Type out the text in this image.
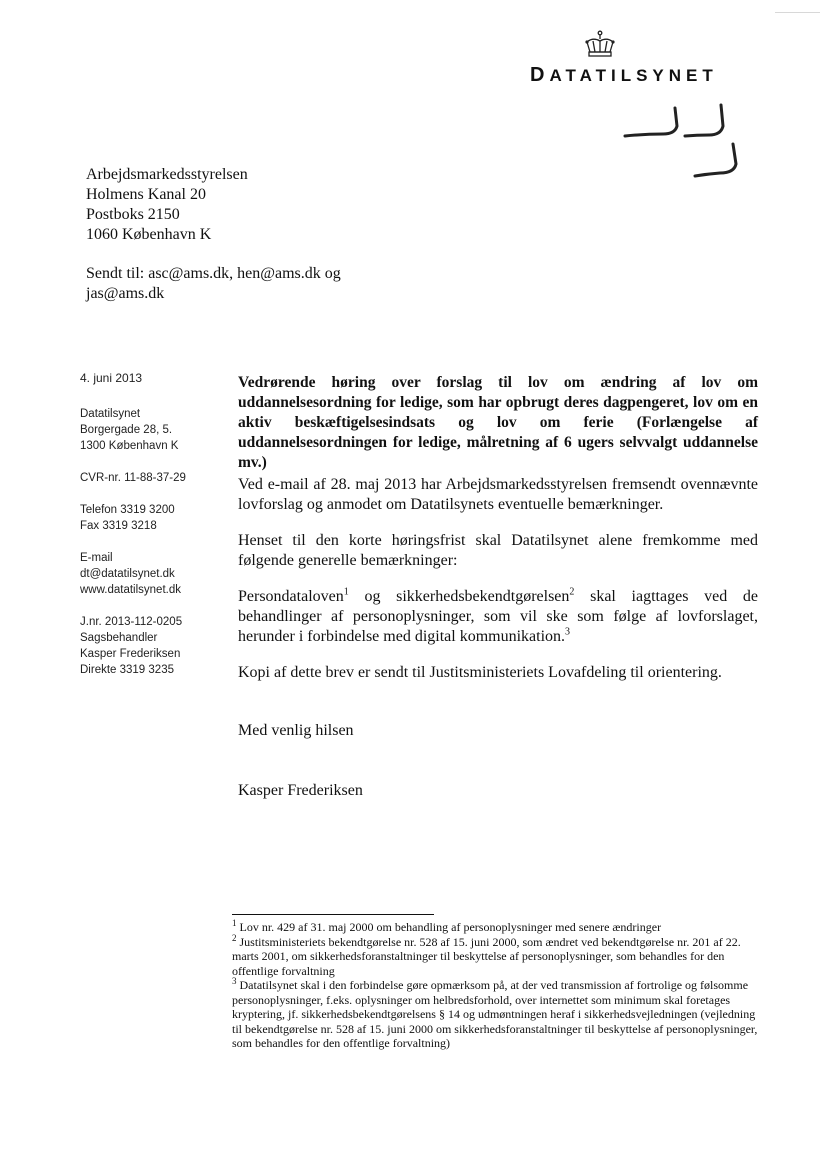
DATATILSYNET
Arbejdsmarkedsstyrelsen
Holmens Kanal 20
Postboks 2150
1060 København K
Sendt til: asc@ams.dk, hen@ams.dk og
jas@ams.dk
4. juni 2013
Datatilsynet
Borgergade 28, 5.
1300 København K
CVR-nr. 11-88-37-29
Telefon 3319 3200
Fax 3319 3218
E-mail
dt@datatilsynet.dk
www.datatilsynet.dk
J.nr. 2013-112-0205
Sagsbehandler
Kasper Frederiksen
Direkte 3319 3235
Vedrørende høring over forslag til lov om ændring af lov om uddannelsesordning for ledige, som har opbrugt deres dagpengeret, lov om en aktiv beskæftigelsesindsats og lov om ferie (Forlængelse af uddannelsesordningen for ledige, målretning af 6 ugers selvvalgt uddannelse mv.)

Ved e-mail af 28. maj 2013 har Arbejdsmarkedsstyrelsen fremsendt ovennævnte lovforslag og anmodet om Datatilsynets eventuelle bemærkninger.

Henset til den korte høringsfrist skal Datatilsynet alene fremkomme med følgende generelle bemærkninger:

Persondataloven$^1$ og sikkerhedsbekendtgørelsen$^2$ skal iagttages ved de behandlinger af personoplysninger, som vil ske som følge af lovforslaget, herunder i forbindelse med digital kommunikation.$^3$

Kopi af dette brev er sendt til Justitsministeriets Lovafdeling til orientering.

Med venlig hilsen
Kasper Frederiksen
$^1$ Lov nr. 429 af 31. maj 2000 om behandling af personoplysninger med senere ændringer
$^2$ Justitsministeriets bekendtgørelse nr. 528 af 15. juni 2000, som ændret ved bekendtgørelse nr. 201 af 22. marts 2001, om sikkerhedsforanstaltninger til beskyttelse af personoplysninger, som behandles for den offentlige forvaltning
$^3$ Datatilsynet skal i den forbindelse gøre opmærksom på, at der ved transmission af fortrolige og følsomme personoplysninger, f.eks. oplysninger om helbredsforhold, over internettet som minimum skal foretages kryptering, jf. sikkerhedsbekendtgørelsens § 14 og udmøntningen heraf i sikkerhedsvejledningen (vejledning til bekendtgørelse nr. 528 af 15. juni 2000 om sikkerhedsforanstaltninger til beskyttelse af personoplysninger, som behandles for den offentlige forvaltning)
